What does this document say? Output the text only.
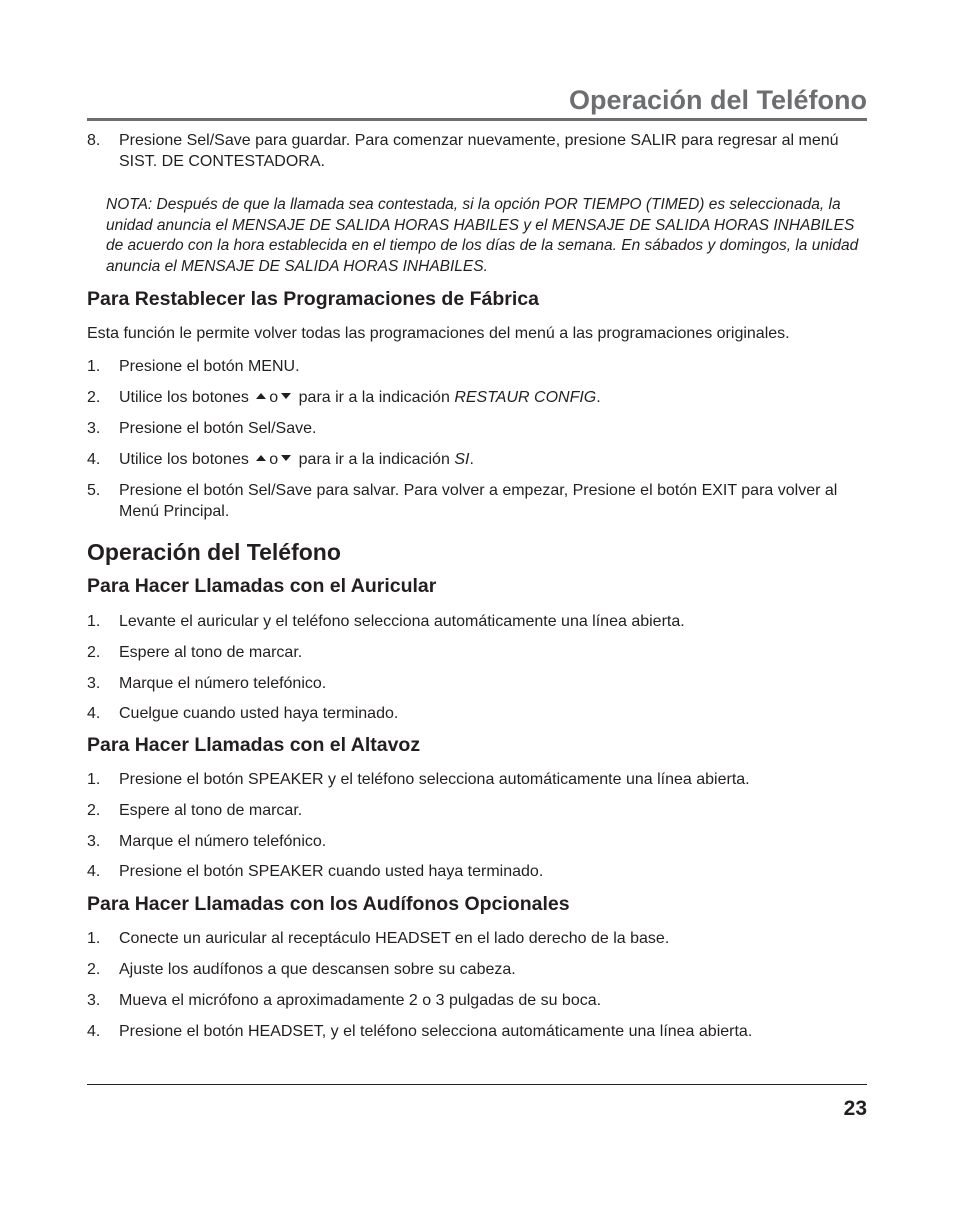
Operación del Teléfono
8.	Presione Sel/Save para guardar. Para comenzar nuevamente, presione SALIR para regresar al menú SIST. DE CONTESTADORA.

NOTA: Después de que la llamada sea contestada, si la opción POR TIEMPO (TIMED) es seleccionada, la unidad anuncia el MENSAJE DE SALIDA HORAS HABILES y el MENSAJE DE SALIDA HORAS INHABILES de acuerdo con la hora establecida en el tiempo de los días de la semana. En sábados y domingos, la unidad anuncia el MENSAJE DE SALIDA HORAS INHABILES.

Para Restablecer las Programaciones de Fábrica

Esta función le permite volver todas las programaciones del menú a las programaciones originales.

1.	Presione el botón MENU.
2.	Utilice los botones o para ir a la indicación RESTAUR CONFIG.
3.	Presione el botón Sel/Save.
4.	Utilice los botones o para ir a la indicación SI.
5.	Presione el botón Sel/Save para salvar. Para volver a empezar, Presione el botón EXIT para volver al Menú Principal.
Operación del Teléfono
Para Hacer Llamadas con el Auricular
1.	Levante el auricular y el teléfono selecciona automáticamente una línea abierta.
2.	Espere al tono de marcar.
3.	Marque el número telefónico.
4.	Cuelgue cuando usted haya terminado.
Para Hacer Llamadas con el Altavoz
1.	Presione el botón SPEAKER y el teléfono selecciona automáticamente una línea abierta.
2.	Espere al tono de marcar.
3.	Marque el número telefónico.
4.	Presione el botón SPEAKER cuando usted haya terminado.
Para Hacer Llamadas con los Audífonos Opcionales
1.	Conecte un auricular al receptáculo HEADSET en el lado derecho de la base.
2.	Ajuste los audífonos a que descansen sobre su cabeza.
3.	Mueva el micrófono a aproximadamente 2 o 3 pulgadas de su boca.
4.	Presione el botón HEADSET, y el teléfono selecciona automáticamente una línea abierta.
23
